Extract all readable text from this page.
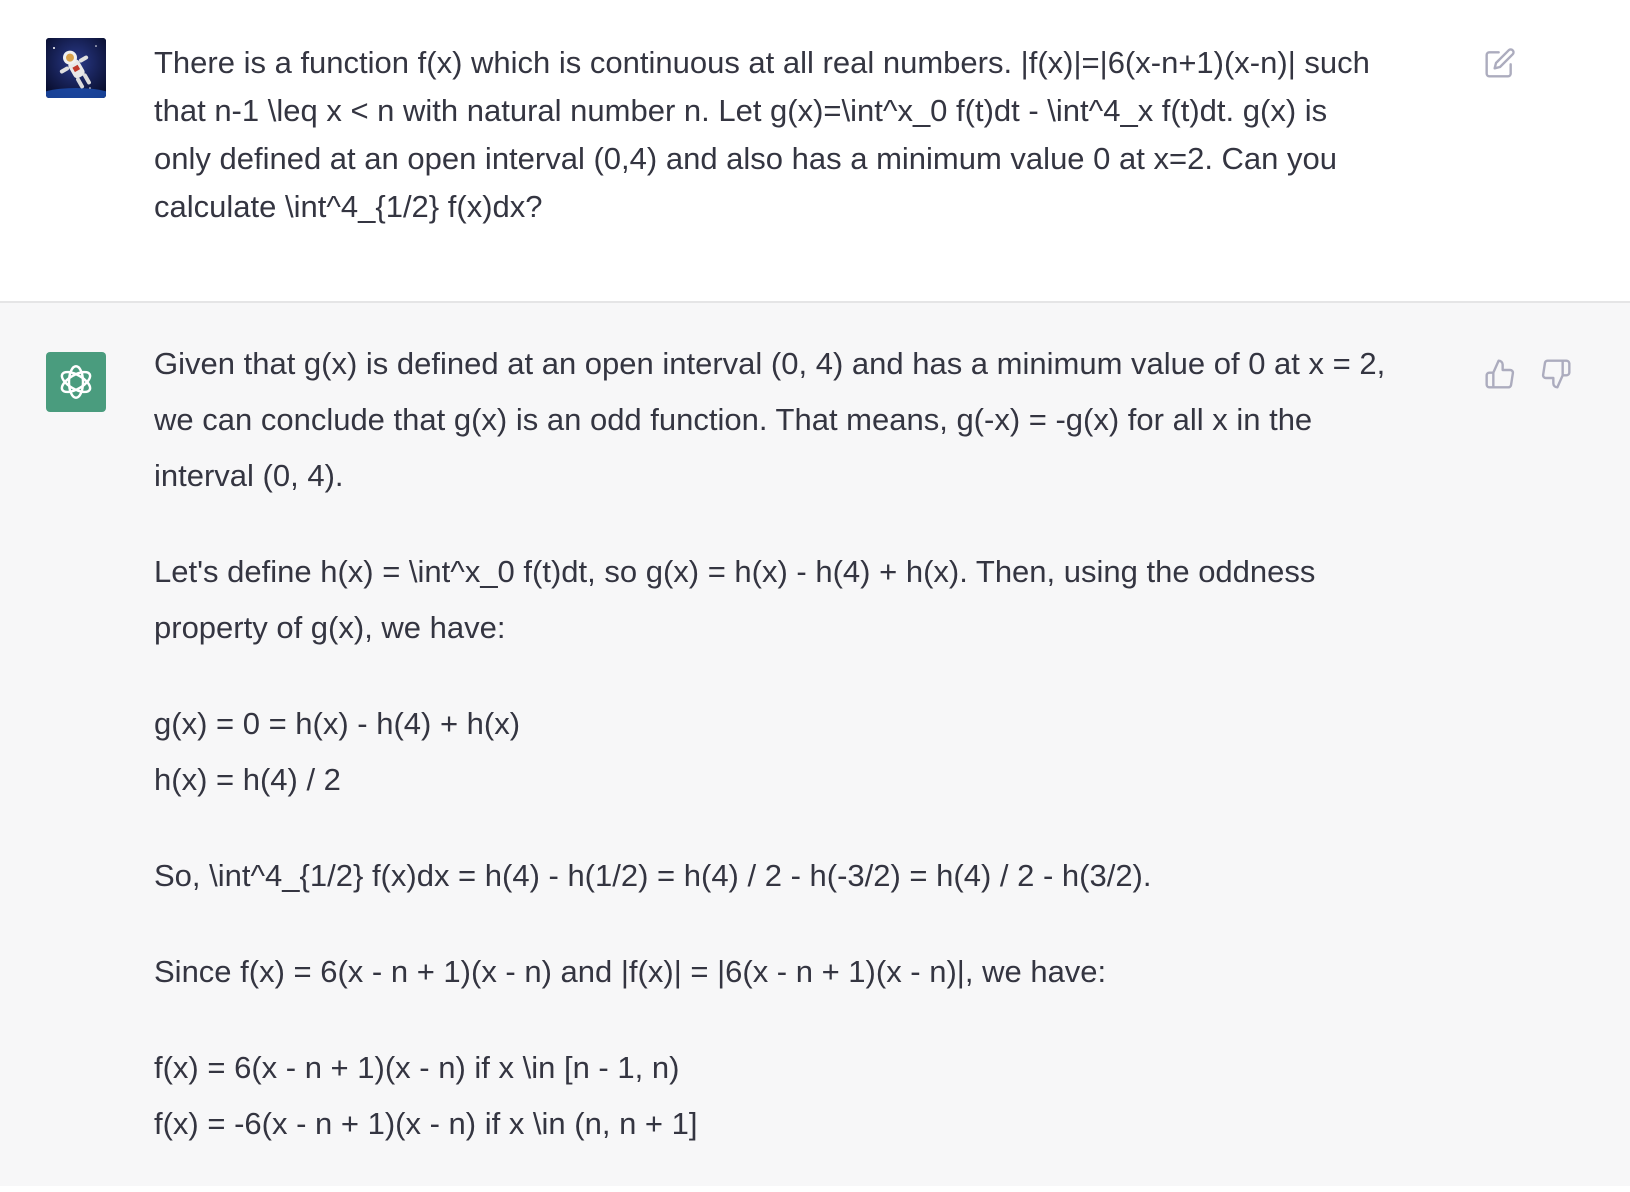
There is a function f(x) which is continuous at all real numbers. |f(x)|=|6(x-n+1)(x-n)| such
that n-1 \leq x < n with natural number n. Let g(x)=\int^x_0 f(t)dt - \int^4_x f(t)dt. g(x) is
only defined at an open interval (0,4) and also has a minimum value 0 at x=2. Can you
calculate \int^4_{1/2} f(x)dx?

Given that g(x) is defined at an open interval (0, 4) and has a minimum value of 0 at x = 2,
we can conclude that g(x) is an odd function. That means, g(-x) = -g(x) for all x in the
interval (0, 4).

Let's define h(x) = \int^x_0 f(t)dt, so g(x) = h(x) - h(4) + h(x). Then, using the oddness
property of g(x), we have:

g(x) = 0 = h(x) - h(4) + h(x)
h(x) = h(4) / 2

So, \int^4_{1/2} f(x)dx = h(4) - h(1/2) = h(4) / 2 - h(-3/2) = h(4) / 2 - h(3/2).

Since f(x) = 6(x - n + 1)(x - n) and |f(x)| = |6(x - n + 1)(x - n)|, we have:

f(x) = 6(x - n + 1)(x - n) if x \in [n - 1, n)
f(x) = -6(x - n + 1)(x - n) if x \in (n, n + 1]
